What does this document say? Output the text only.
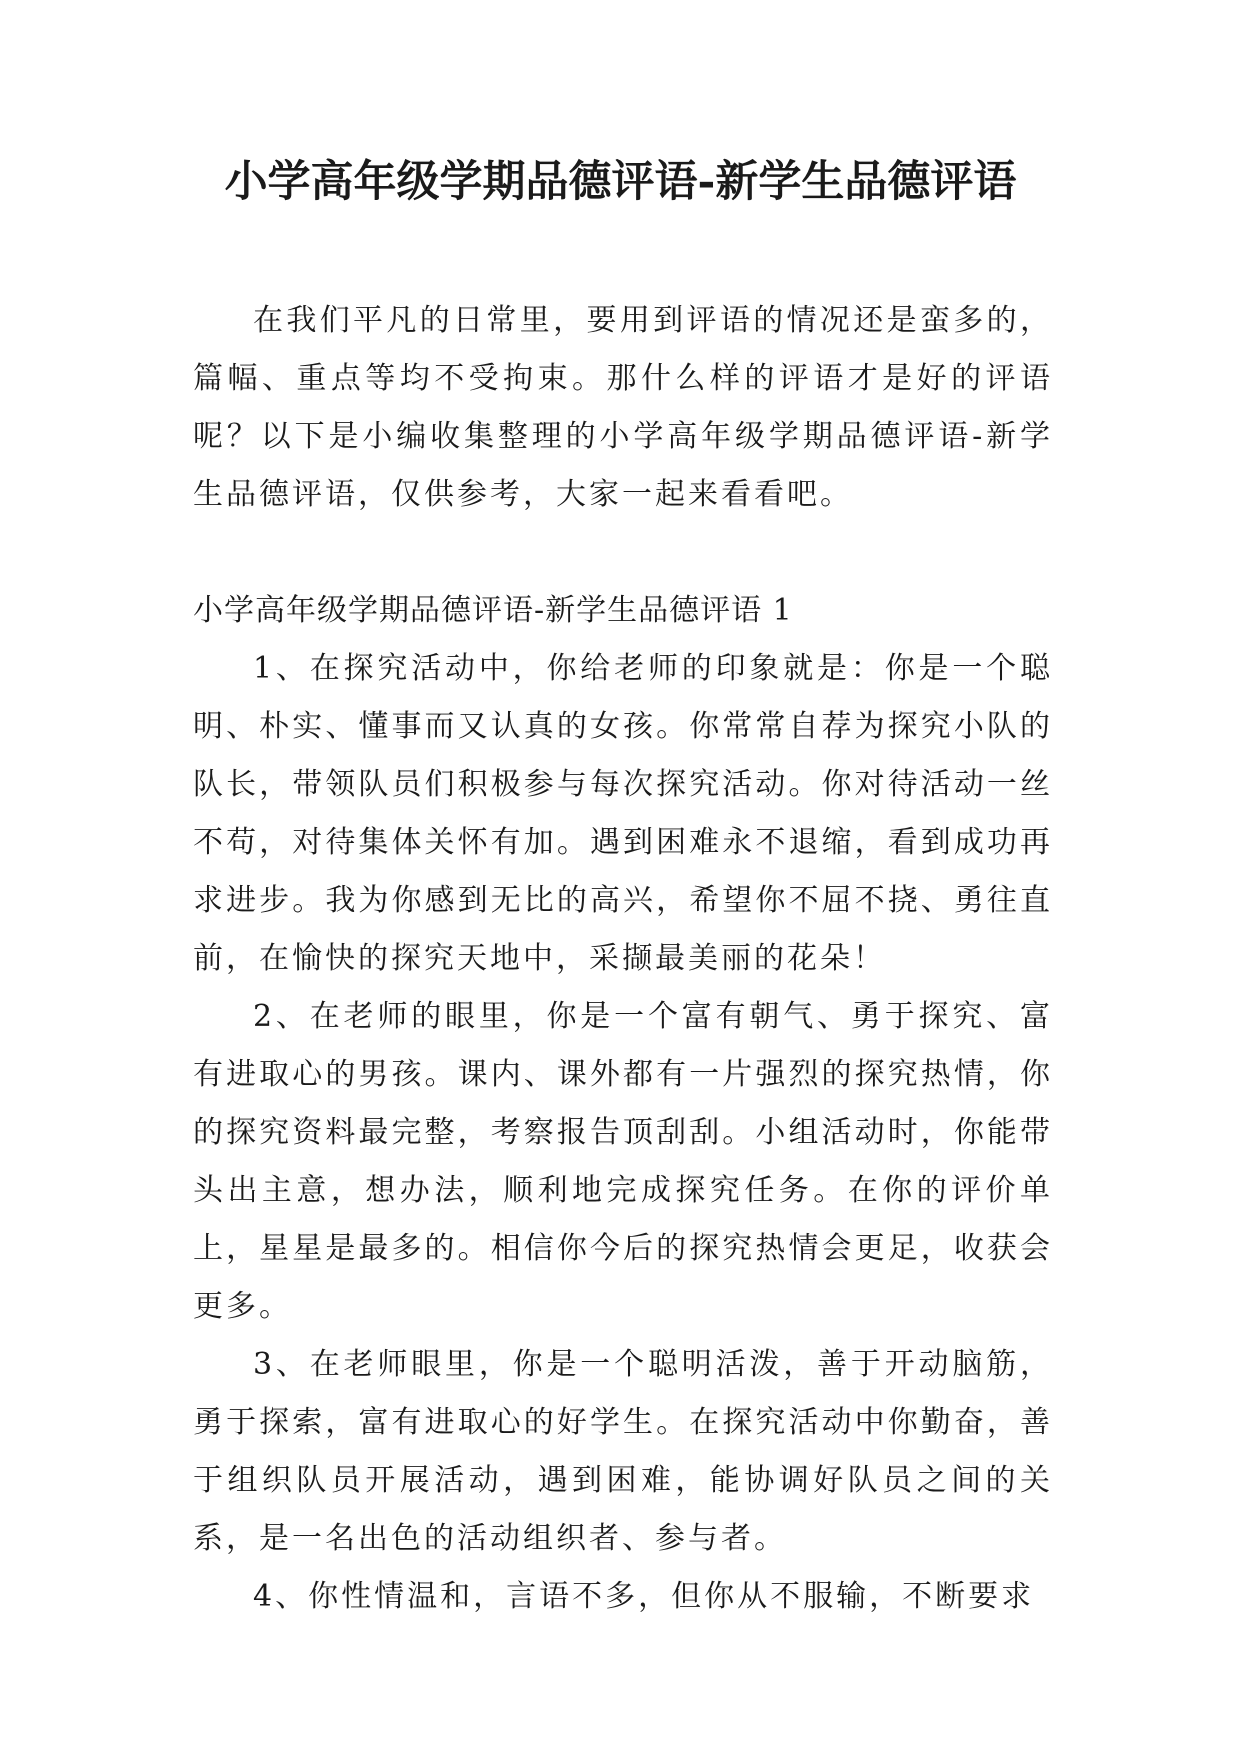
小学高年级学期品德评语-新学生品德评语

在我们平凡的日常里，要用到评语的情况还是蛮多的，篇幅、重点等均不受拘束。那什么样的评语才是好的评语呢？以下是小编收集整理的小学高年级学期品德评语-新学生品德评语，仅供参考，大家一起来看看吧。

小学高年级学期品德评语-新学生品德评语 1

1、在探究活动中，你给老师的印象就是：你是一个聪明、朴实、懂事而又认真的女孩。你常常自荐为探究小队的队长，带领队员们积极参与每次探究活动。你对待活动一丝不苟，对待集体关怀有加。遇到困难永不退缩，看到成功再求进步。我为你感到无比的高兴，希望你不屈不挠、勇往直前，在愉快的探究天地中，采撷最美丽的花朵！

2、在老师的眼里，你是一个富有朝气、勇于探究、富有进取心的男孩。课内、课外都有一片强烈的探究热情，你的探究资料最完整，考察报告顶刮刮。小组活动时，你能带头出主意，想办法，顺利地完成探究任务。在你的评价单上，星星是最多的。相信你今后的探究热情会更足，收获会更多。

3、在老师眼里，你是一个聪明活泼，善于开动脑筋，勇于探索，富有进取心的好学生。在探究活动中你勤奋，善于组织队员开展活动，遇到困难，能协调好队员之间的关系，是一名出色的活动组织者、参与者。

4、你性情温和，言语不多，但你从不服输，不断要求
